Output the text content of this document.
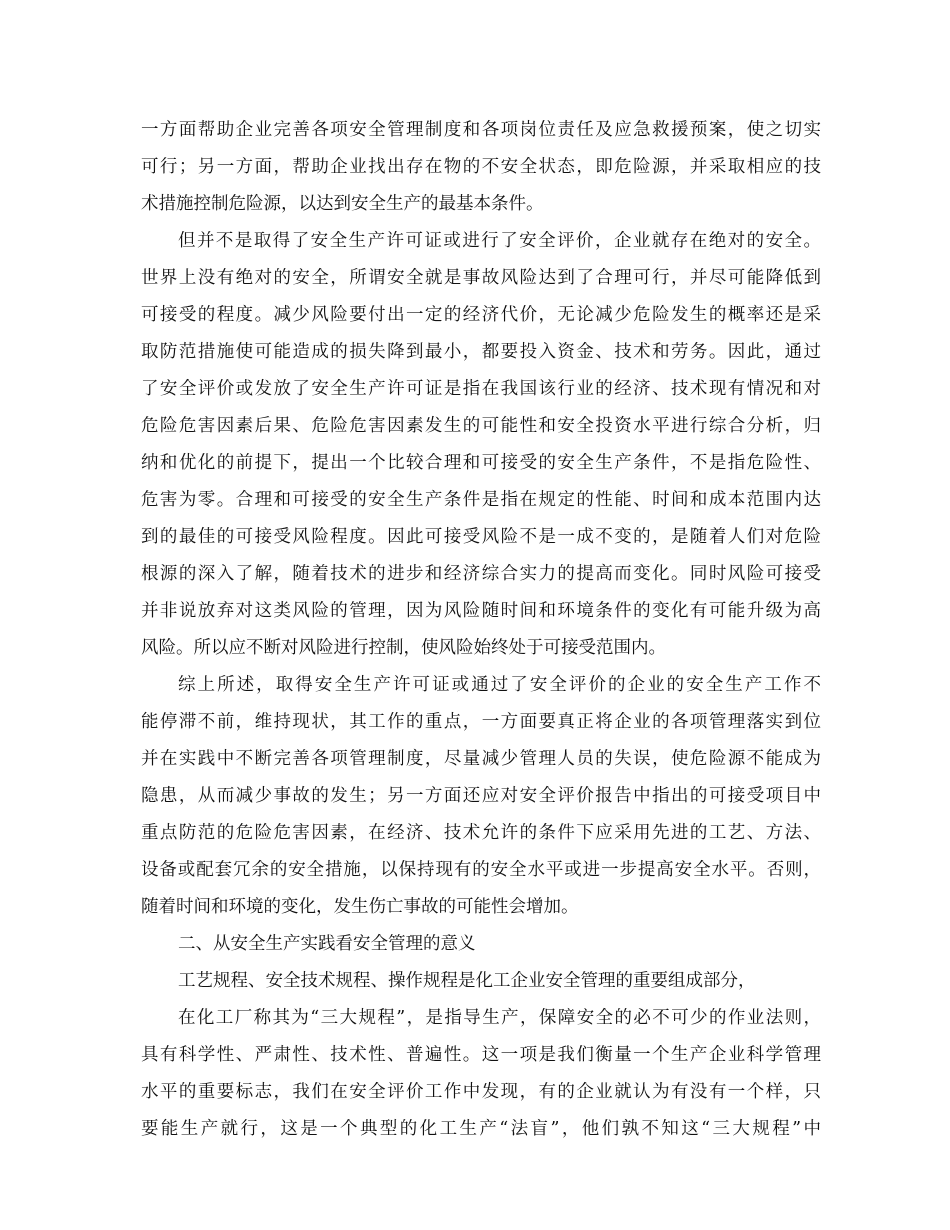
一方面帮助企业完善各项安全管理制度和各项岗位责任及应急救援预案，使之切实
可行；另一方面，帮助企业找出存在物的不安全状态，即危险源，并采取相应的技
术措施控制危险源，以达到安全生产的最基本条件。
但并不是取得了安全生产许可证或进行了安全评价，企业就存在绝对的安全。
世界上没有绝对的安全，所谓安全就是事故风险达到了合理可行，并尽可能降低到
可接受的程度。减少风险要付出一定的经济代价，无论减少危险发生的概率还是采
取防范措施使可能造成的损失降到最小，都要投入资金、技术和劳务。因此，通过
了安全评价或发放了安全生产许可证是指在我国该行业的经济、技术现有情况和对
危险危害因素后果、危险危害因素发生的可能性和安全投资水平进行综合分析，归
纳和优化的前提下，提出一个比较合理和可接受的安全生产条件，不是指危险性、
危害为零。合理和可接受的安全生产条件是指在规定的性能、时间和成本范围内达
到的最佳的可接受风险程度。因此可接受风险不是一成不变的，是随着人们对危险
根源的深入了解，随着技术的进步和经济综合实力的提高而变化。同时风险可接受
并非说放弃对这类风险的管理，因为风险随时间和环境条件的变化有可能升级为高
风险。所以应不断对风险进行控制，使风险始终处于可接受范围内。
综上所述，取得安全生产许可证或通过了安全评价的企业的安全生产工作不
能停滞不前，维持现状，其工作的重点，一方面要真正将企业的各项管理落实到位
并在实践中不断完善各项管理制度，尽量减少管理人员的失误，使危险源不能成为
隐患，从而减少事故的发生；另一方面还应对安全评价报告中指出的可接受项目中
重点防范的危险危害因素，在经济、技术允许的条件下应采用先进的工艺、方法、
设备或配套冗余的安全措施，以保持现有的安全水平或进一步提高安全水平。否则，
随着时间和环境的变化，发生伤亡事故的可能性会增加。
二、从安全生产实践看安全管理的意义
工艺规程、安全技术规程、操作规程是化工企业安全管理的重要组成部分，
在化工厂称其为“三大规程”，是指导生产，保障安全的必不可少的作业法则，
具有科学性、严肃性、技术性、普遍性。这一项是我们衡量一个生产企业科学管理
水平的重要标志，我们在安全评价工作中发现，有的企业就认为有没有一个样，只
要能生产就行，这是一个典型的化工生产“法盲”，他们孰不知这“三大规程”中
